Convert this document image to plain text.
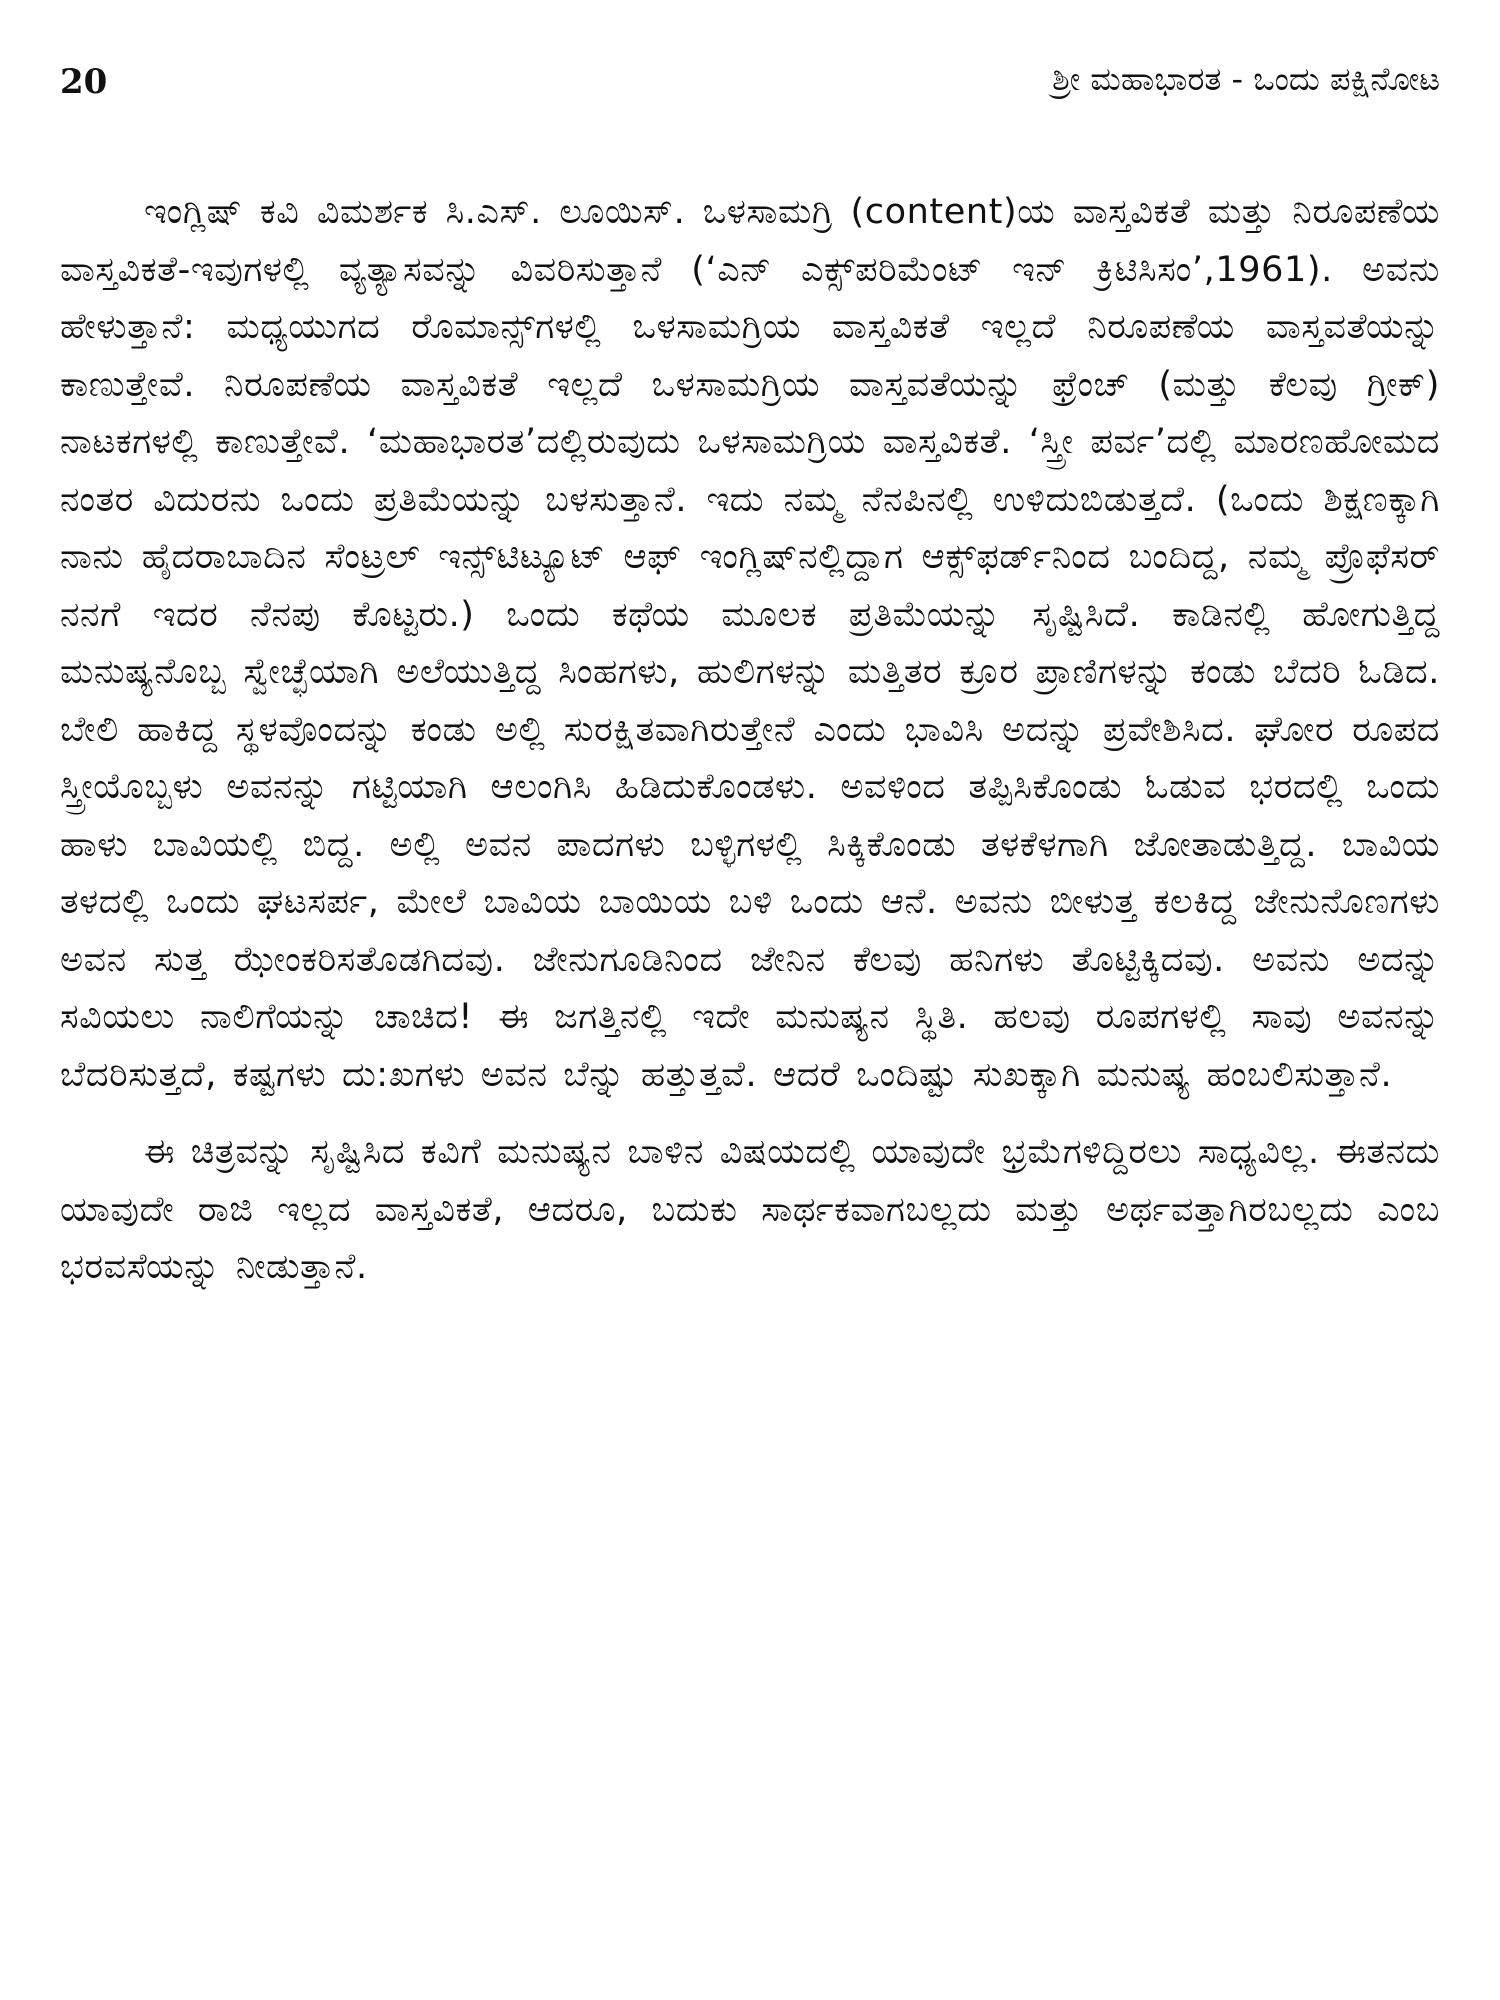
20	ಶ್ರೀ ಮಹಾಭಾರತ - ಒಂದು ಪಕ್ಷಿನೋಟ

ಇಂಗ್ಲಿಷ್ ಕವಿ ವಿಮರ್ಶಕ ಸಿ.ಎಸ್. ಲೂಯಿಸ್. ಒಳಸಾಮಗ್ರಿ (content)ಯ ವಾಸ್ತವಿಕತೆ ಮತ್ತು ನಿರೂಪಣೆಯ ವಾಸ್ತವಿಕತೆ-ಇವುಗಳಲ್ಲಿ ವ್ಯತ್ಯಾಸವನ್ನು ವಿವರಿಸುತ್ತಾನೆ (‘ಎನ್ ಎಕ್ಸ್‌ಪರಿಮೆಂಟ್ ಇನ್ ಕ್ರಿಟಿಸಿಸಂ’,1961). ಅವನು ಹೇಳುತ್ತಾನೆ: ಮಧ್ಯಯುಗದ ರೊಮಾನ್ಸ್‌ಗಳಲ್ಲಿ ಒಳಸಾಮಗ್ರಿಯ ವಾಸ್ತವಿಕತೆ ಇಲ್ಲದೆ ನಿರೂಪಣೆಯ ವಾಸ್ತವತೆಯನ್ನು ಕಾಣುತ್ತೇವೆ. ನಿರೂಪಣೆಯ ವಾಸ್ತವಿಕತೆ ಇಲ್ಲದೆ ಒಳಸಾಮಗ್ರಿಯ ವಾಸ್ತವತೆಯನ್ನು ಫ್ರೆಂಚ್ (ಮತ್ತು ಕೆಲವು ಗ್ರೀಕ್) ನಾಟಕಗಳಲ್ಲಿ ಕಾಣುತ್ತೇವೆ. ‘ಮಹಾಭಾರತ’ದಲ್ಲಿರುವುದು ಒಳಸಾಮಗ್ರಿಯ ವಾಸ್ತವಿಕತೆ. ‘ಸ್ತ್ರೀ ಪರ್ವ’ದಲ್ಲಿ ಮಾರಣಹೋಮದ ನಂತರ ವಿದುರನು ಒಂದು ಪ್ರತಿಮೆಯನ್ನು ಬಳಸುತ್ತಾನೆ. ಇದು ನಮ್ಮ ನೆನಪಿನಲ್ಲಿ ಉಳಿದುಬಿಡುತ್ತದೆ. (ಒಂದು ಶಿಕ್ಷಣಕ್ಕಾಗಿ ನಾನು ಹೈದರಾಬಾದಿನ ಸೆಂಟ್ರಲ್ ಇನ್ಸ್‌ಟಿಟ್ಯೂಟ್ ಆಫ್ ಇಂಗ್ಲಿಷ್‌ನಲ್ಲಿದ್ದಾಗ ಆಕ್ಸ್‌ಫರ್ಡ್‌ನಿಂದ ಬಂದಿದ್ದ, ನಮ್ಮ ಪ್ರೊಫೆಸರ್ ನನಗೆ ಇದರ ನೆನಪು ಕೊಟ್ಟರು.) ಒಂದು ಕಥೆಯ ಮೂಲಕ ಪ್ರತಿಮೆಯನ್ನು ಸೃಷ್ಟಿಸಿದೆ. ಕಾಡಿನಲ್ಲಿ ಹೋಗುತ್ತಿದ್ದ ಮನುಷ್ಯನೊಬ್ಬ ಸ್ವೇಚ್ಛೆಯಾಗಿ ಅಲೆಯುತ್ತಿದ್ದ ಸಿಂಹಗಳು, ಹುಲಿಗಳನ್ನು ಮತ್ತಿತರ ಕ್ರೂರ ಪ್ರಾಣಿಗಳನ್ನು ಕಂಡು ಬೆದರಿ ಓಡಿದ. ಬೇಲಿ ಹಾಕಿದ್ದ ಸ್ಥಳವೊಂದನ್ನು ಕಂಡು ಅಲ್ಲಿ ಸುರಕ್ಷಿತವಾಗಿರುತ್ತೇನೆ ಎಂದು ಭಾವಿಸಿ ಅದನ್ನು ಪ್ರವೇಶಿಸಿದ. ಘೋರ ರೂಪದ ಸ್ತ್ರೀಯೊಬ್ಬಳು ಅವನನ್ನು ಗಟ್ಟಿಯಾಗಿ ಆಲಂಗಿಸಿ ಹಿಡಿದುಕೊಂಡಳು. ಅವಳಿಂದ ತಪ್ಪಿಸಿಕೊಂಡು ಓಡುವ ಭರದಲ್ಲಿ ಒಂದು ಹಾಳು ಬಾವಿಯಲ್ಲಿ ಬಿದ್ದ. ಅಲ್ಲಿ ಅವನ ಪಾದಗಳು ಬಳ್ಳಿಗಳಲ್ಲಿ ಸಿಕ್ಕಿಕೊಂಡು ತಳಕೆಳಗಾಗಿ ಜೋತಾಡುತ್ತಿದ್ದ. ಬಾವಿಯ ತಳದಲ್ಲಿ ಒಂದು ಘಟಸರ್ಪ, ಮೇಲೆ ಬಾವಿಯ ಬಾಯಿಯ ಬಳಿ ಒಂದು ಆನೆ. ಅವನು ಬೀಳುತ್ತ ಕಲಕಿದ್ದ ಜೇನುನೊಣಗಳು ಅವನ ಸುತ್ತ ಝೇಂಕರಿಸತೊಡಗಿದವು. ಜೇನುಗೂಡಿನಿಂದ ಜೇನಿನ ಕೆಲವು ಹನಿಗಳು ತೊಟ್ಟಿಕ್ಕಿದವು. ಅವನು ಅದನ್ನು ಸವಿಯಲು ನಾಲಿಗೆಯನ್ನು ಚಾಚಿದ! ಈ ಜಗತ್ತಿನಲ್ಲಿ ಇದೇ ಮನುಷ್ಯನ ಸ್ಥಿತಿ. ಹಲವು ರೂಪಗಳಲ್ಲಿ ಸಾವು ಅವನನ್ನು ಬೆದರಿಸುತ್ತದೆ, ಕಷ್ಟಗಳು ದು:ಖಗಳು ಅವನ ಬೆನ್ನು ಹತ್ತುತ್ತವೆ. ಆದರೆ ಒಂದಿಷ್ಟು ಸುಖಕ್ಕಾಗಿ ಮನುಷ್ಯ ಹಂಬಲಿಸುತ್ತಾನೆ.

ಈ ಚಿತ್ರವನ್ನು ಸೃಷ್ಟಿಸಿದ ಕವಿಗೆ ಮನುಷ್ಯನ ಬಾಳಿನ ವಿಷಯದಲ್ಲಿ ಯಾವುದೇ ಭ್ರಮೆಗಳಿದ್ದಿರಲು ಸಾಧ್ಯವಿಲ್ಲ. ಈತನದು ಯಾವುದೇ ರಾಜಿ ಇಲ್ಲದ ವಾಸ್ತವಿಕತೆ, ಆದರೂ, ಬದುಕು ಸಾರ್ಥಕವಾಗಬಲ್ಲದು ಮತ್ತು ಅರ್ಥವತ್ತಾಗಿರಬಲ್ಲದು ಎಂಬ ಭರವಸೆಯನ್ನು ನೀಡುತ್ತಾನೆ.
